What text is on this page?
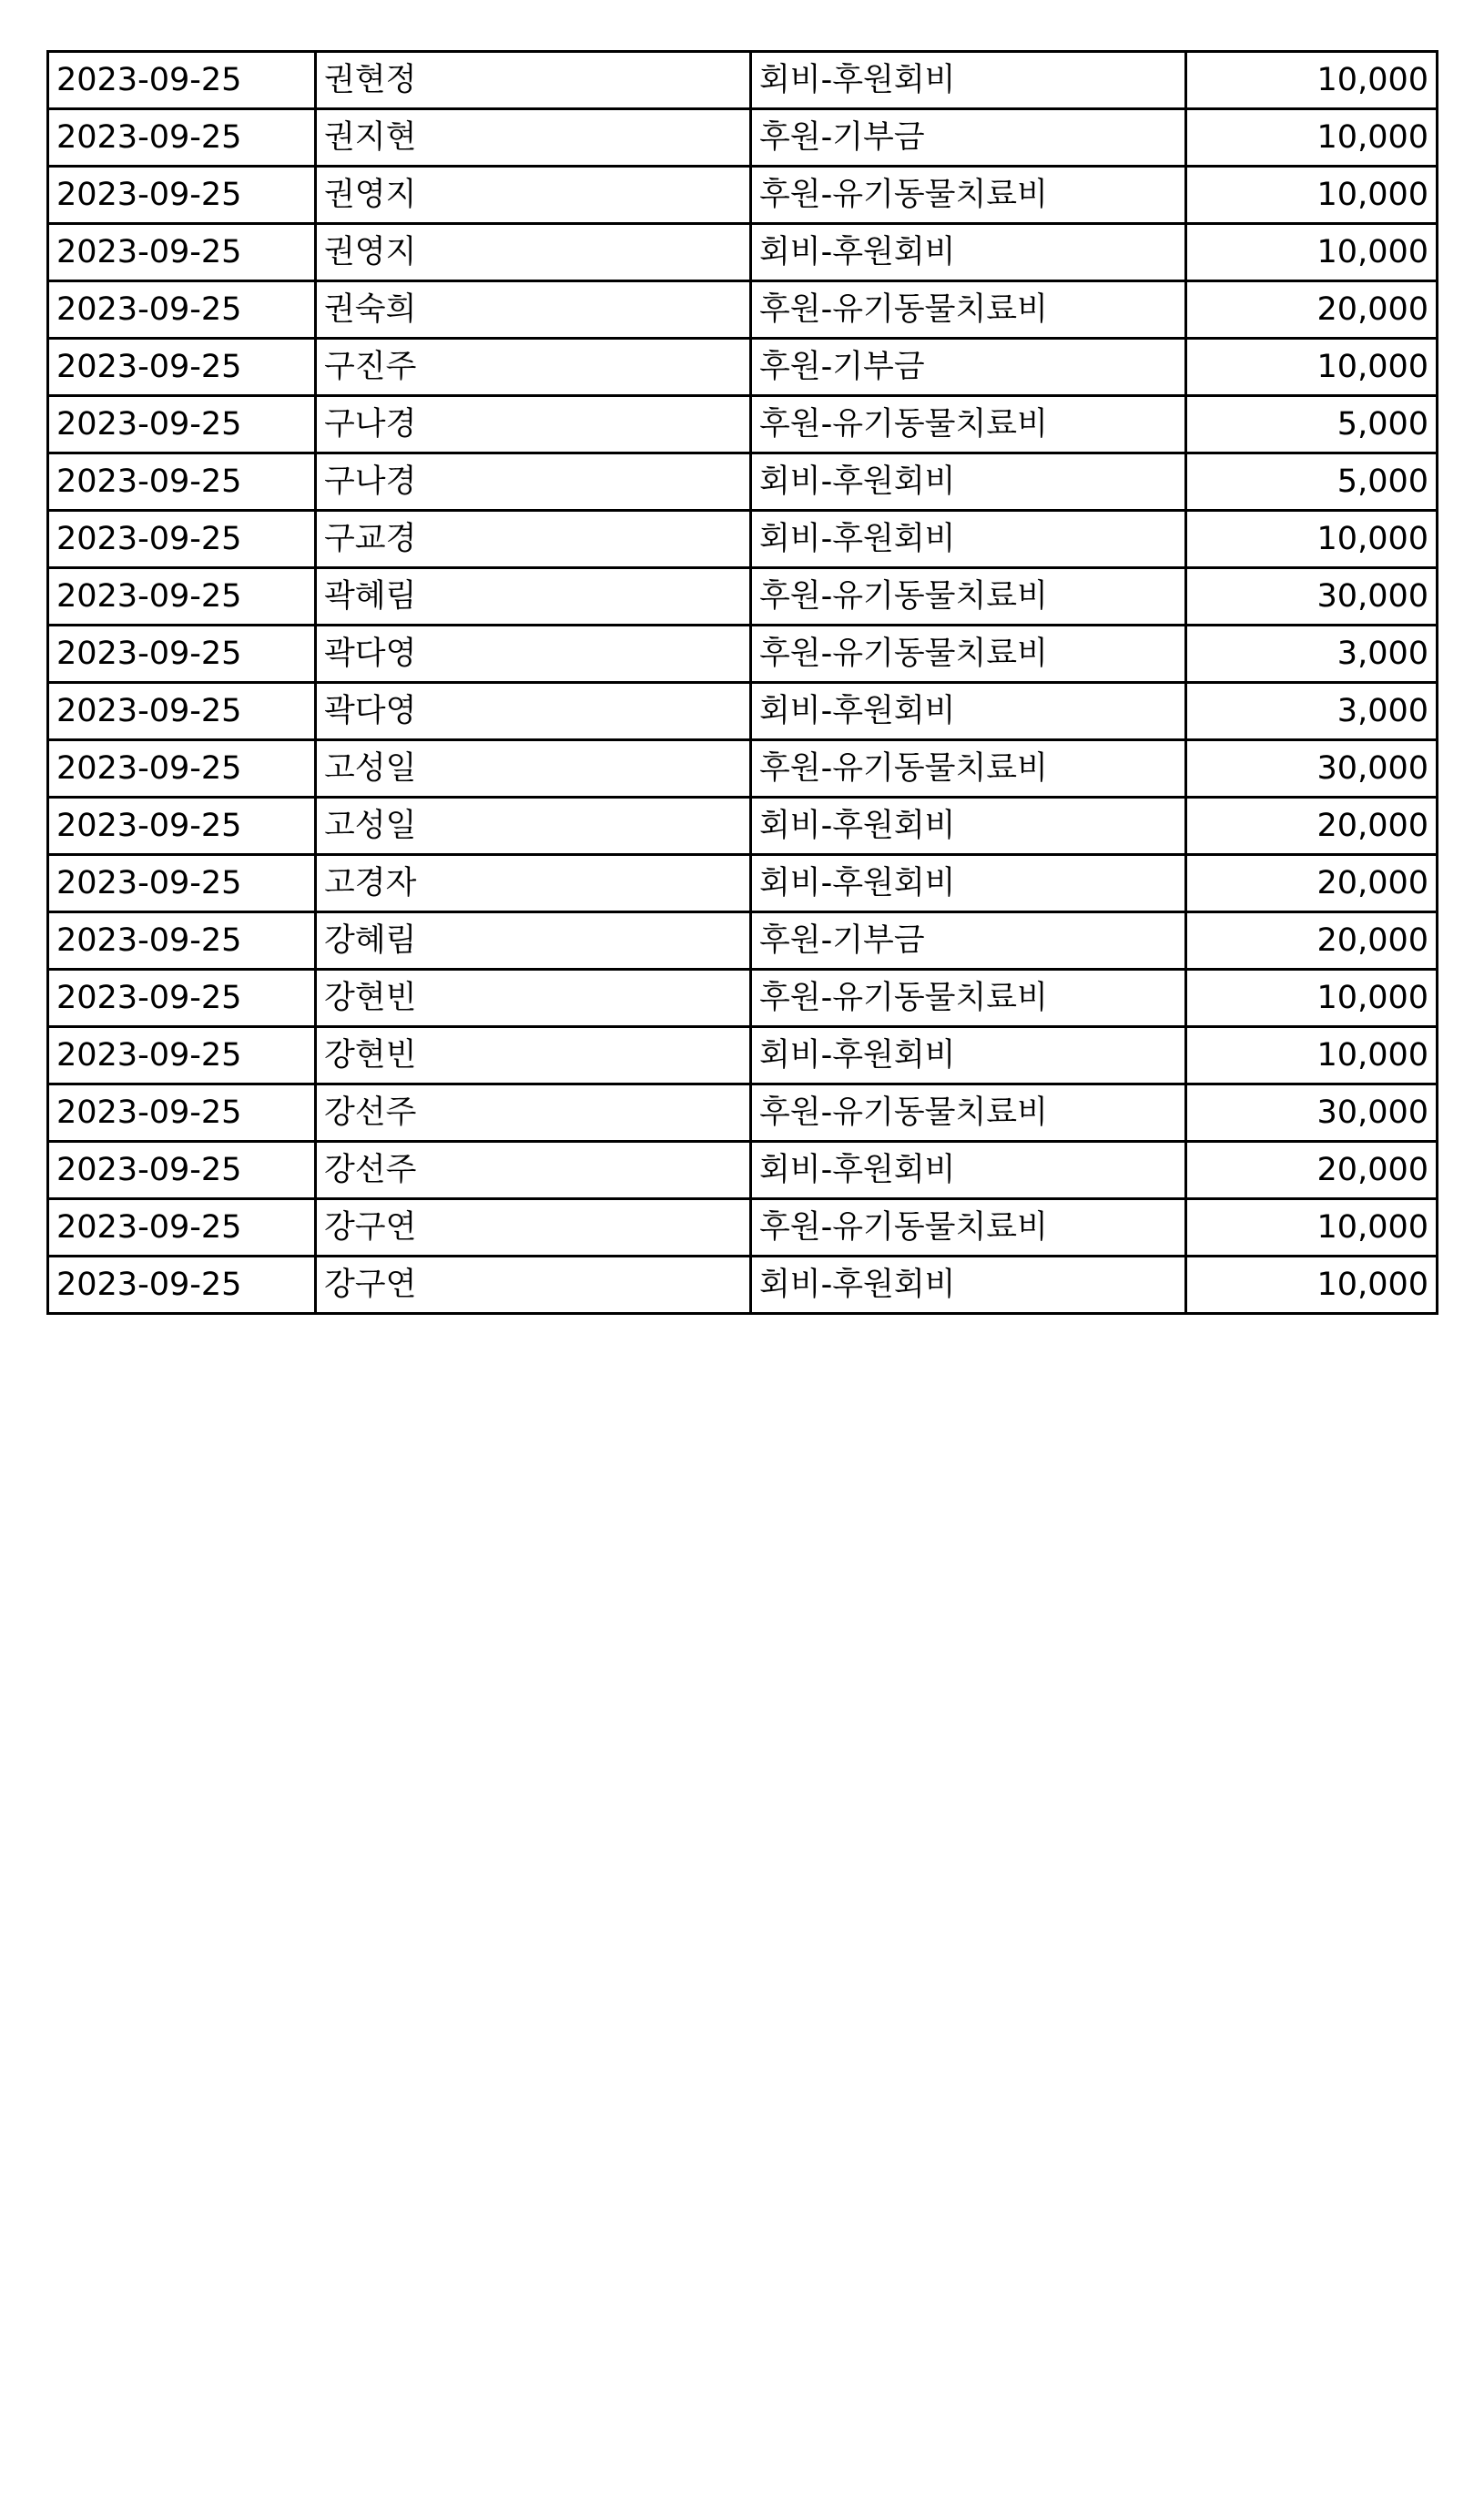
2023-09-25	권현정	회비-후원회비	10,000
2023-09-25	권지현	후원-기부금	10,000
2023-09-25	권영지	후원-유기동물치료비	10,000
2023-09-25	권영지	회비-후원회비	10,000
2023-09-25	권숙희	후원-유기동물치료비	20,000
2023-09-25	구진주	후원-기부금	10,000
2023-09-25	구나경	후원-유기동물치료비	5,000
2023-09-25	구나경	회비-후원회비	5,000
2023-09-25	구교경	회비-후원회비	10,000
2023-09-25	곽혜림	후원-유기동물치료비	30,000
2023-09-25	곽다영	후원-유기동물치료비	3,000
2023-09-25	곽다영	회비-후원회비	3,000
2023-09-25	고성일	후원-유기동물치료비	30,000
2023-09-25	고성일	회비-후원회비	20,000
2023-09-25	고경자	회비-후원회비	20,000
2023-09-25	강혜림	후원-기부금	20,000
2023-09-25	강현빈	후원-유기동물치료비	10,000
2023-09-25	강현빈	회비-후원회비	10,000
2023-09-25	강선주	후원-유기동물치료비	30,000
2023-09-25	강선주	회비-후원회비	20,000
2023-09-25	강구연	후원-유기동물치료비	10,000
2023-09-25	강구연	회비-후원회비	10,000
